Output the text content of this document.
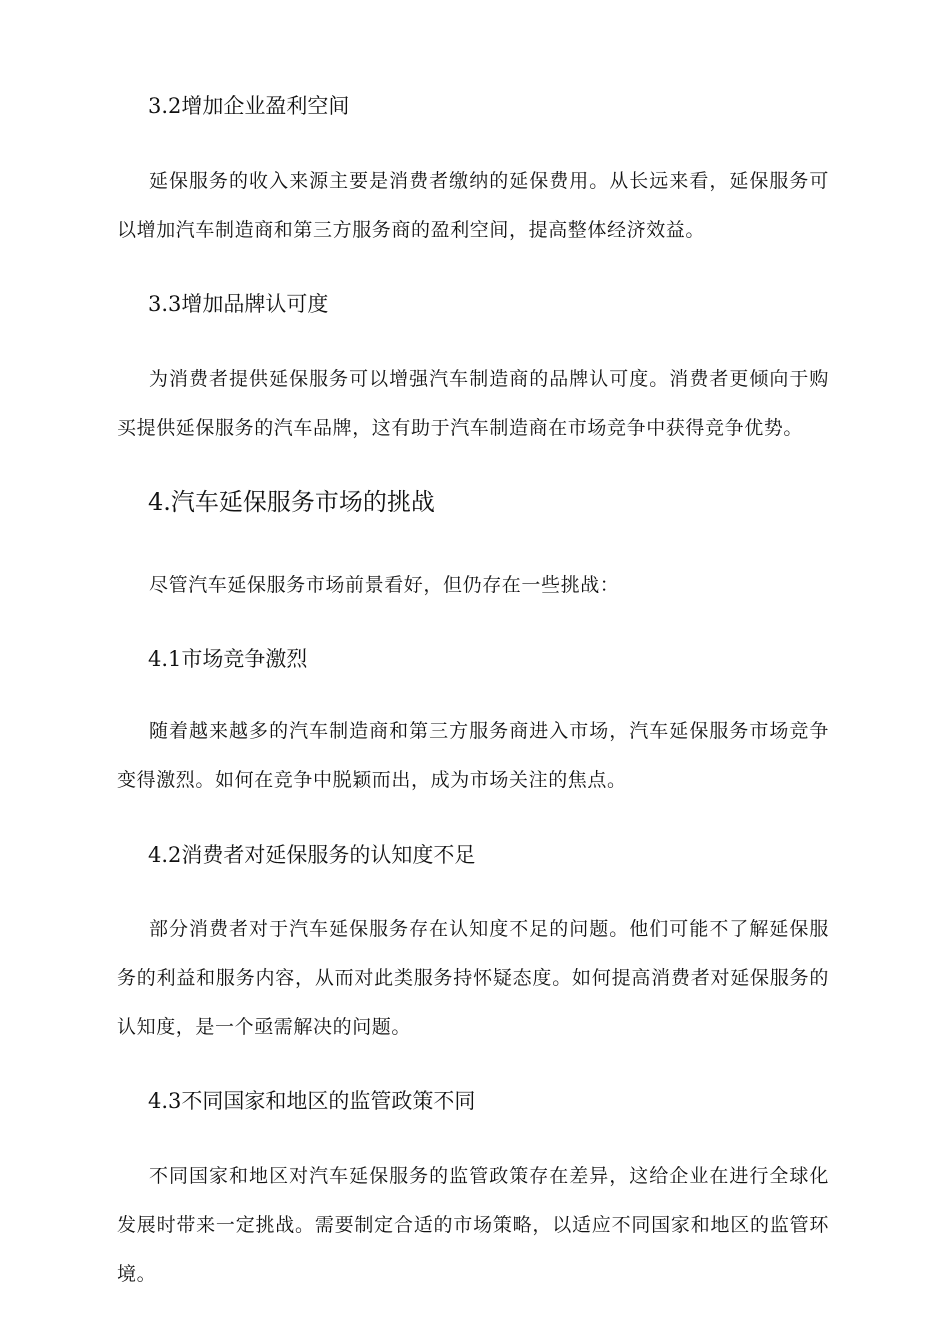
3.2增加企业盈利空间

延保服务的收入来源主要是消费者缴纳的延保费用。从长远来看，延保服务可以增加汽车制造商和第三方服务商的盈利空间，提高整体经济效益。

3.3增加品牌认可度

为消费者提供延保服务可以增强汽车制造商的品牌认可度。消费者更倾向于购买提供延保服务的汽车品牌，这有助于汽车制造商在市场竞争中获得竞争优势。

4.汽车延保服务市场的挑战

尽管汽车延保服务市场前景看好，但仍存在一些挑战：

4.1市场竞争激烈

随着越来越多的汽车制造商和第三方服务商进入市场，汽车延保服务市场竞争变得激烈。如何在竞争中脱颖而出，成为市场关注的焦点。

4.2消费者对延保服务的认知度不足

部分消费者对于汽车延保服务存在认知度不足的问题。他们可能不了解延保服务的利益和服务内容，从而对此类服务持怀疑态度。如何提高消费者对延保服务的认知度，是一个亟需解决的问题。

4.3不同国家和地区的监管政策不同

不同国家和地区对汽车延保服务的监管政策存在差异，这给企业在进行全球化发展时带来一定挑战。需要制定合适的市场策略，以适应不同国家和地区的监管环境。
